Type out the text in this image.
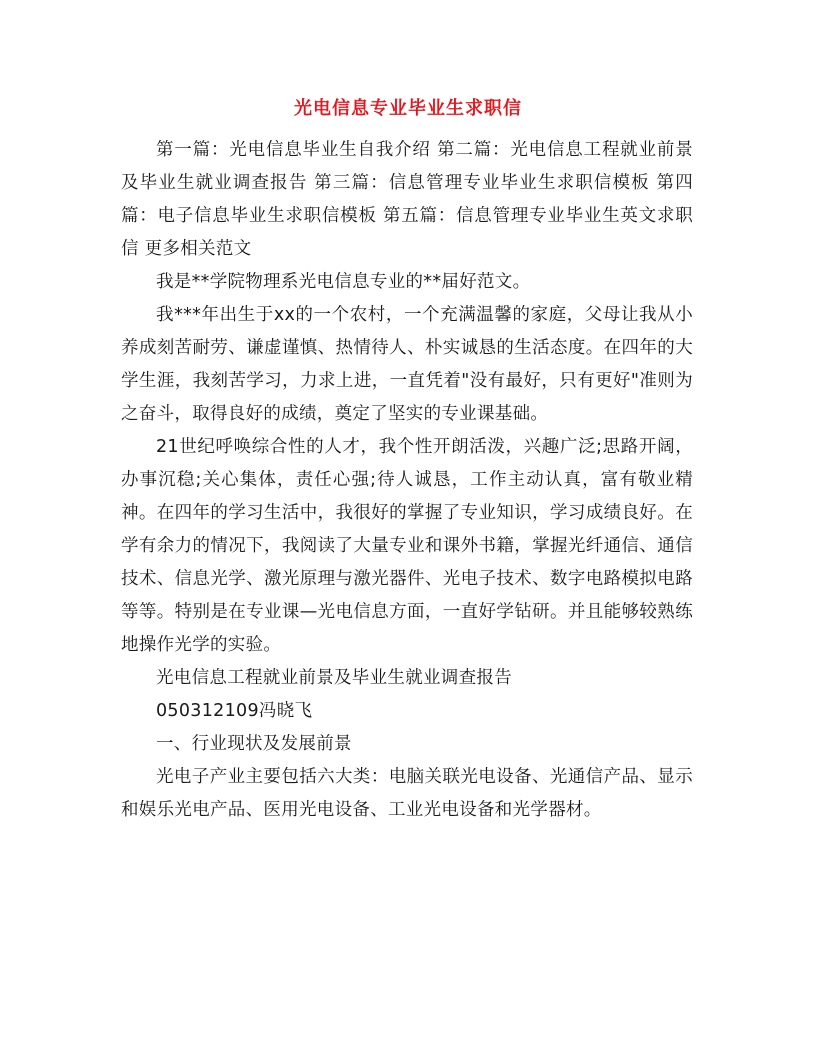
光电信息专业毕业生求职信

第一篇：光电信息毕业生自我介绍 第二篇：光电信息工程就业前景及毕业生就业调查报告 第三篇：信息管理专业毕业生求职信模板 第四篇：电子信息毕业生求职信模板 第五篇：信息管理专业毕业生英文求职信 更多相关范文

我是**学院物理系光电信息专业的**届好范文。

我***年出生于xx的一个农村，一个充满温馨的家庭，父母让我从小养成刻苦耐劳、谦虚谨慎、热情待人、朴实诚恳的生活态度。在四年的大学生涯，我刻苦学习，力求上进，一直凭着"没有最好，只有更好"准则为之奋斗，取得良好的成绩，奠定了坚实的专业课基础。

21世纪呼唤综合性的人才，我个性开朗活泼，兴趣广泛;思路开阔，办事沉稳;关心集体，责任心强;待人诚恳，工作主动认真，富有敬业精神。在四年的学习生活中，我很好的掌握了专业知识，学习成绩良好。在学有余力的情况下，我阅读了大量专业和课外书籍，掌握光纤通信、通信技术、信息光学、激光原理与激光器件、光电子技术、数字电路模拟电路等等。特别是在专业课—光电信息方面，一直好学钻研。并且能够较熟练地操作光学的实验。

光电信息工程就业前景及毕业生就业调查报告

050312109冯晓飞

一、行业现状及发展前景

光电子产业主要包括六大类：电脑关联光电设备、光通信产品、显示和娱乐光电产品、医用光电设备、工业光电设备和光学器材。
